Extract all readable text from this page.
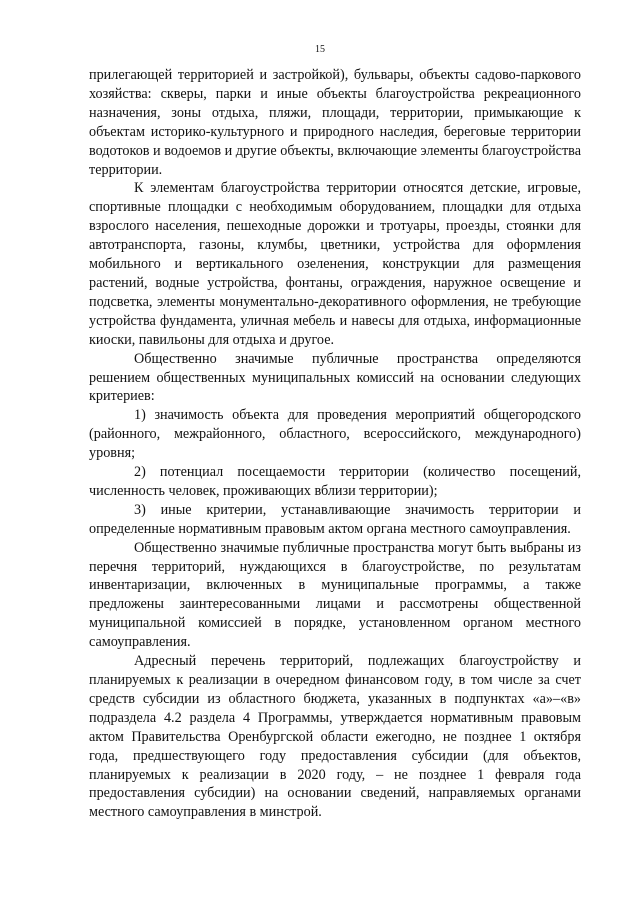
15

прилегающей территорией и застройкой), бульвары, объекты садово-паркового хозяйства: скверы, парки и иные объекты благоустройства рекреационного назначения, зоны отдыха, пляжи, площади, территории, примыкающие к объектам историко-культурного и природного наследия, береговые территории водотоков и водоемов и другие объекты, включающие элементы благоустройства территории.

К элементам благоустройства территории относятся детские, игровые, спортивные площадки с необходимым оборудованием, площадки для отдыха взрослого населения, пешеходные дорожки и тротуары, проезды, стоянки для автотранспорта, газоны, клумбы, цветники, устройства для оформления мобильного и вертикального озеленения, конструкции для размещения растений, водные устройства, фонтаны, ограждения, наружное освещение и подсветка, элементы монументально-декоративного оформления, не требующие устройства фундамента, уличная мебель и навесы для отдыха, информационные киоски, павильоны для отдыха и другое.

Общественно значимые публичные пространства определяются решением общественных муниципальных комиссий на основании следующих критериев:

1) значимость объекта для проведения мероприятий общегородского (районного, межрайонного, областного, всероссийского, международного) уровня;

2) потенциал посещаемости территории (количество посещений, численность человек, проживающих вблизи территории);

3) иные критерии, устанавливающие значимость территории и определенные нормативным правовым актом органа местного самоуправления.

Общественно значимые публичные пространства могут быть выбраны из перечня территорий, нуждающихся в благоустройстве, по результатам инвентаризации, включенных в муниципальные программы, а также предложены заинтересованными лицами и рассмотрены общественной муниципальной комиссией в порядке, установленном органом местного самоуправления.

Адресный перечень территорий, подлежащих благоустройству и планируемых к реализации в очередном финансовом году, в том числе за счет средств субсидии из областного бюджета, указанных в подпунктах «а»–«в» подраздела 4.2 раздела 4 Программы, утверждается нормативным правовым актом Правительства Оренбургской области ежегодно, не позднее 1 октября года, предшествующего году предоставления субсидии (для объектов, планируемых к реализации в 2020 году, – не позднее 1 февраля года предоставления субсидии) на основании сведений, направляемых органами местного самоуправления в минстрой.
